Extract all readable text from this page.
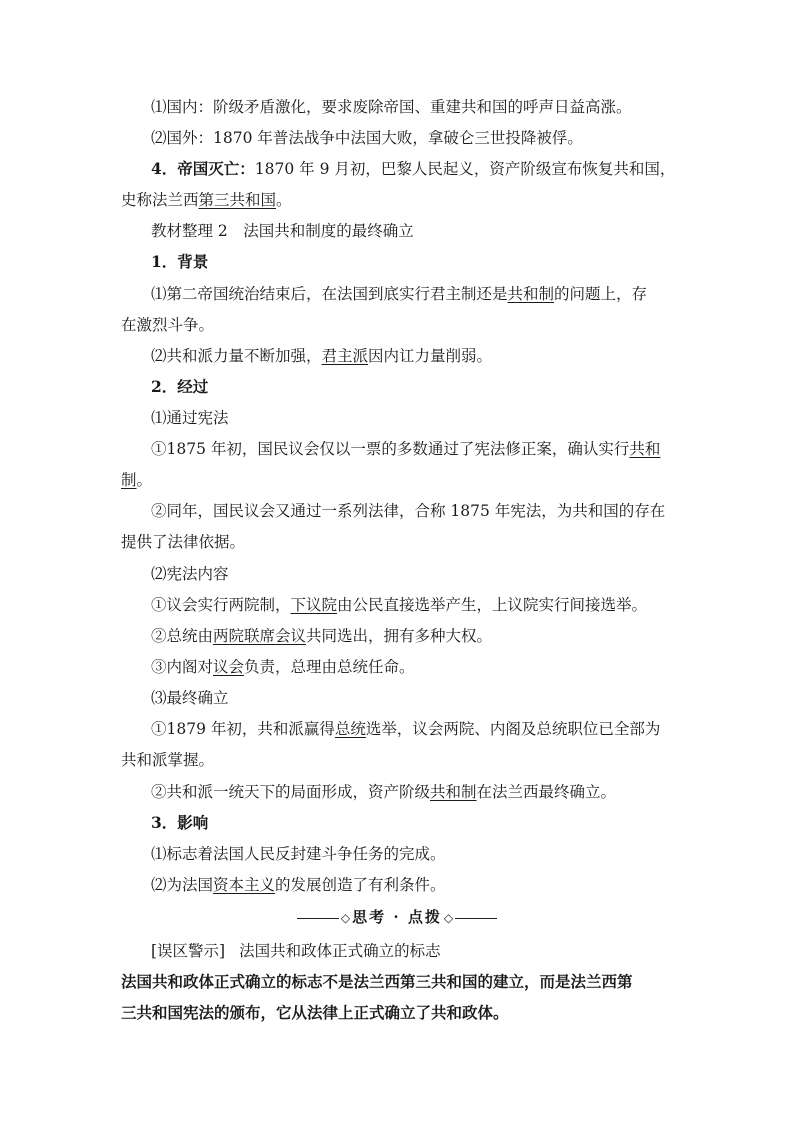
⑴国内：阶级矛盾激化，要求废除帝国、重建共和国的呼声日益高涨。
⑵国外：1870 年普法战争中法国大败，拿破仑三世投降被俘。
4．帝国灭亡：1870 年 9 月初，巴黎人民起义，资产阶级宣布恢复共和国，
史称法兰西第三共和国。
教材整理 2　法国共和制度的最终确立
1．背景
⑴第二帝国统治结束后，在法国到底实行君主制还是共和制的问题上，存
在激烈斗争。
⑵共和派力量不断加强，君主派因内讧力量削弱。
2．经过
⑴通过宪法
①1875 年初，国民议会仅以一票的多数通过了宪法修正案，确认实行共和
制。
②同年，国民议会又通过一系列法律，合称 1875 年宪法，为共和国的存在
提供了法律依据。
⑵宪法内容
①议会实行两院制，下议院由公民直接选举产生，上议院实行间接选举。
②总统由两院联席会议共同选出，拥有多种大权。
③内阁对议会负责，总理由总统任命。
⑶最终确立
①1879 年初，共和派赢得总统选举，议会两院、内阁及总统职位已全部为
共和派掌握。
②共和派一统天下的局面形成，资产阶级共和制在法兰西最终确立。
3．影响
⑴标志着法国人民反封建斗争任务的完成。
⑵为法国资本主义的发展创造了有利条件。
◇ 思考 · 点拨 ◇
[误区警示] 法国共和政体正式确立的标志
法国共和政体正式确立的标志不是法兰西第三共和国的建立，而是法兰西第
三共和国宪法的颁布，它从法律上正式确立了共和政体。
